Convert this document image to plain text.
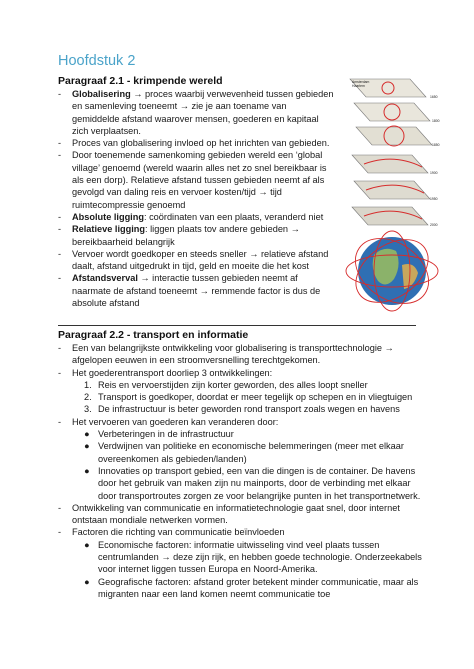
Hoofdstuk 2
Paragraaf 2.1 - krimpende wereld
- Globalisering → proces waarbij verwevenheid tussen gebieden en samenleving toeneemt → zie je aan toename van gemiddelde afstand waarover mensen, goederen en kapitaal zich verplaatsen.
- Proces van globalisering invloed op het inrichten van gebieden.
- Door toenemende samenkoming gebieden wereld een ‘global village’ genoemd (wereld waarin alles net zo snel bereikbaar is als een dorp). Relatieve afstand tussen gebieden neemt af als gevolgd van daling reis en vervoer kosten/tijd → tijd ruimtecompressie genoemd
- Absolute ligging: coördinaten van een plaats, veranderd niet
- Relatieve ligging: liggen plaats tov andere gebieden → bereikbaarheid belangrijk
- Vervoer wordt goedkoper en steeds sneller → relatieve afstand daalt, afstand uitgedrukt in tijd, geld en moeite die het kost
- Afstandsverval → interactie tussen gebieden neemt af naarmate de afstand toeneemt → remmende factor is dus de absolute afstand
Amsterdam
Haarlem
1650
1800
1850
1900
1950
2000
Paragraaf 2.2 - transport en informatie
- Een van belangrijkste ontwikkeling voor globalisering is transporttechnologie → afgelopen eeuwen in een stroomversnelling terechtgekomen.
- Het goederentransport doorliep 3 ontwikkelingen:
1. Reis en vervoerstijden zijn korter geworden, des alles loopt sneller
2. Transport is goedkoper, doordat er meer tegelijk op schepen en in vliegtuigen
3. De infrastructuur is beter geworden rond transport zoals wegen en havens
- Het vervoeren van goederen kan veranderen door:
● Verbeteringen in de infrastructuur
● Verdwijnen van politieke en economische belemmeringen (meer met elkaar overeenkomen als gebieden/landen)
● Innovaties op transport gebied, een van die dingen is de container. De havens door het gebruik van maken zijn nu mainports, door de verbinding met elkaar door transportroutes zorgen ze voor belangrijke punten in het transportnetwerk.
- Ontwikkeling van communicatie en informatietechnologie gaat snel, door internet ontstaan mondiale netwerken vormen.
- Factoren die richting van communicatie beïnvloeden
● Economische factoren: informatie uitwisseling vind veel plaats tussen centrumlanden → deze zijn rijk, en hebben goede technologie. Onderzeekabels voor internet liggen tussen Europa en Noord-Amerika.
● Geografische factoren: afstand groter betekent minder communicatie, maar als migranten naar een land komen neemt communicatie toe
